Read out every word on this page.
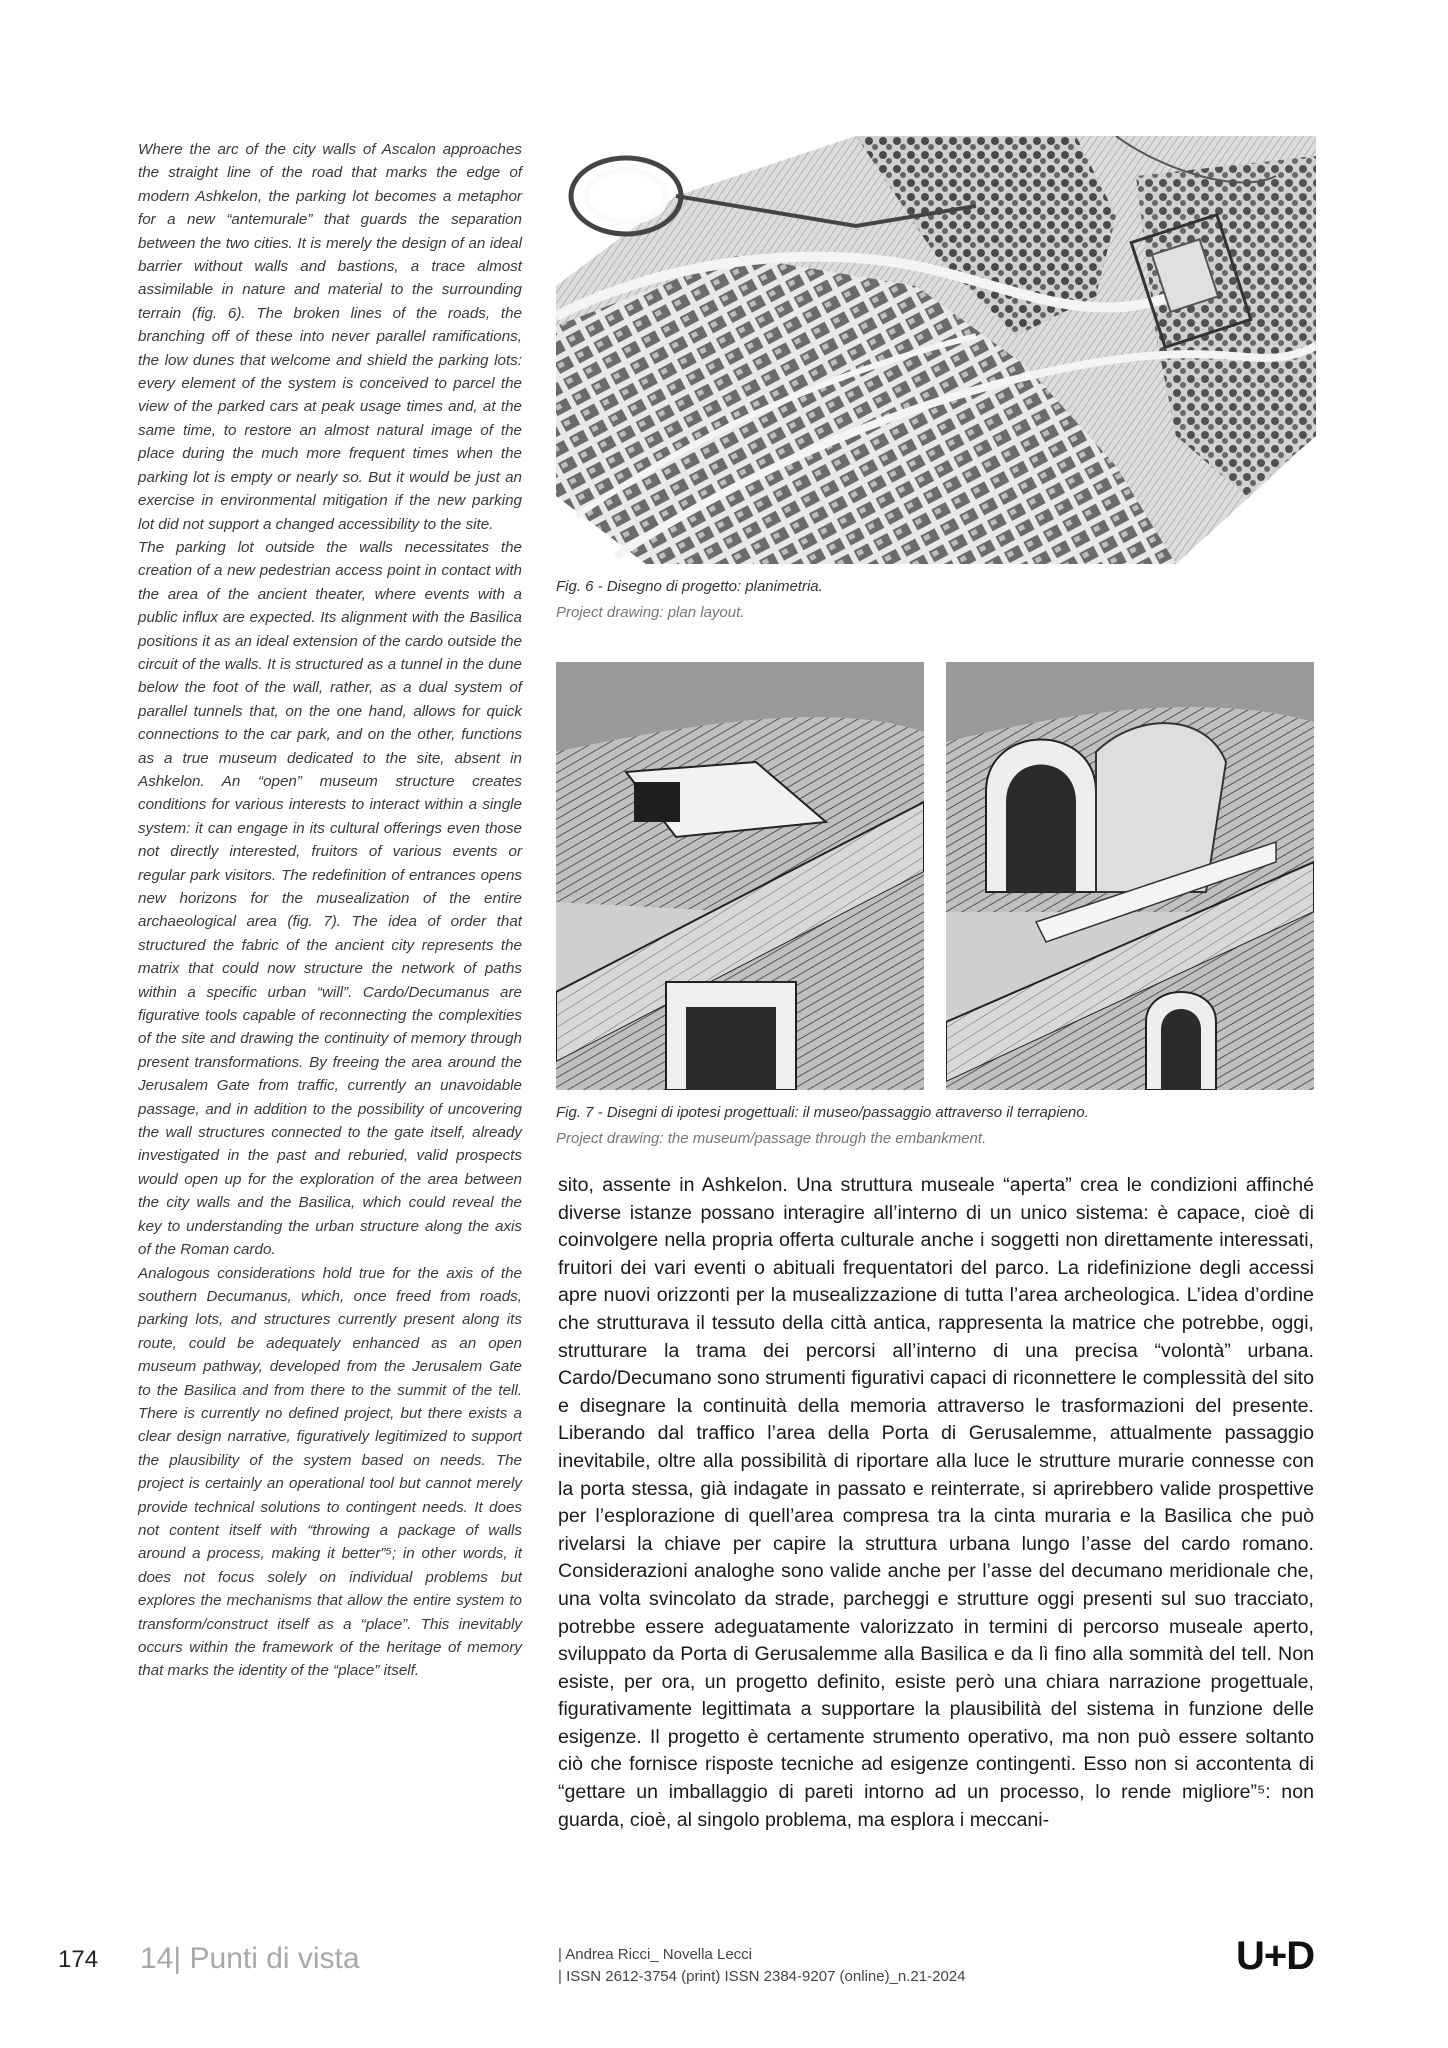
Where the arc of the city walls of Ascalon approaches the straight line of the road that marks the edge of modern Ashkelon, the parking lot becomes a metaphor for a new “antemurale” that guards the separation between the two cities. It is merely the design of an ideal barrier without walls and bastions, a trace almost assimilable in nature and material to the surrounding terrain (fig. 6). The broken lines of the roads, the branching off of these into never parallel ramifications, the low dunes that welcome and shield the parking lots: every element of the system is conceived to parcel the view of the parked cars at peak usage times and, at the same time, to restore an almost natural image of the place during the much more frequent times when the parking lot is empty or nearly so. But it would be just an exercise in environmental mitigation if the new parking lot did not support a changed accessibility to the site.

The parking lot outside the walls necessitates the creation of a new pedestrian access point in contact with the area of the ancient theater, where events with a public influx are expected. Its alignment with the Basilica positions it as an ideal extension of the cardo outside the circuit of the walls. It is structured as a tunnel in the dune below the foot of the wall, rather, as a dual system of parallel tunnels that, on the one hand, allows for quick connections to the car park, and on the other, functions as a true museum dedicated to the site, absent in Ashkelon. An “open” museum structure creates conditions for various interests to interact within a single system: it can engage in its cultural offerings even those not directly interested, fruitors of various events or regular park visitors. The redefinition of entrances opens new horizons for the musealization of the entire archaeological area (fig. 7). The idea of order that structured the fabric of the ancient city represents the matrix that could now structure the network of paths within a specific urban “will”. Cardo/Decumanus are figurative tools capable of reconnecting the complexities of the site and drawing the continuity of memory through present transformations. By freeing the area around the Jerusalem Gate from traffic, currently an unavoidable passage, and in addition to the possibility of uncovering the wall structures connected to the gate itself, already investigated in the past and reburied, valid prospects would open up for the exploration of the area between the city walls and the Basilica, which could reveal the key to understanding the urban structure along the axis of the Roman cardo.

Analogous considerations hold true for the axis of the southern Decumanus, which, once freed from roads, parking lots, and structures currently present along its route, could be adequately enhanced as an open museum pathway, developed from the Jerusalem Gate to the Basilica and from there to the summit of the tell. There is currently no defined project, but there exists a clear design narrative, figuratively legitimized to support the plausibility of the system based on needs. The project is certainly an operational tool but cannot merely provide technical solutions to contingent needs. It does not content itself with “throwing a package of walls around a process, making it better”⁵; in other words, it does not focus solely on individual problems but explores the mechanisms that allow the entire system to transform/construct itself as a “place”. This inevitably occurs within the framework of the heritage of memory that marks the identity of the “place” itself.

Fig. 6 - Disegno di progetto: planimetria.
Project drawing: plan layout.
Fig. 7 - Disegni di ipotesi progettuali: il museo/passaggio attraverso il terrapieno.
Project drawing: the museum/passage through the embankment.

sito, assente in Ashkelon. Una struttura museale “aperta” crea le condizioni affinché diverse istanze possano interagire all’interno di un unico sistema: è capace, cioè di coinvolgere nella propria offerta culturale anche i soggetti non direttamente interessati, fruitori dei vari eventi o abituali frequentatori del parco. La ridefinizione degli accessi apre nuovi orizzonti per la musealizzazione di tutta l’area archeologica. L’idea d’ordine che strutturava il tessuto della città antica, rappresenta la matrice che potrebbe, oggi, strutturare la trama dei percorsi all’interno di una precisa “volontà” urbana. Cardo/Decumano sono strumenti figurativi capaci di riconnettere le complessità del sito e disegnare la continuità della memoria attraverso le trasformazioni del presente. Liberando dal traffico l’area della Porta di Gerusalemme, attualmente passaggio inevitabile, oltre alla possibilità di riportare alla luce le strutture murarie connesse con la porta stessa, già indagate in passato e reinterrate, si aprirebbero valide prospettive per l’esplorazione di quell’area compresa tra la cinta muraria e la Basilica che può rivelarsi la chiave per capire la struttura urbana lungo l’asse del cardo romano. Considerazioni analoghe sono valide anche per l’asse del decumano meridionale che, una volta svincolato da strade, parcheggi e strutture oggi presenti sul suo tracciato, potrebbe essere adeguatamente valorizzato in termini di percorso museale aperto, sviluppato da Porta di Gerusalemme alla Basilica e da lì fino alla sommità del tell. Non esiste, per ora, un progetto definito, esiste però una chiara narrazione progettuale, figurativamente legittimata a supportare la plausibilità del sistema in funzione delle esigenze. Il progetto è certamente strumento operativo, ma non può essere soltanto ciò che fornisce risposte tecniche ad esigenze contingenti. Esso non si accontenta di “gettare un imballaggio di pareti intorno ad un processo, lo rende migliore”⁵: non guarda, cioè, al singolo problema, ma esplora i meccani-

174 14| Punti di vista	| Andrea Ricci_ Novella Lecci
| ISSN 2612-3754 (print) ISSN 2384-9207 (online)_n.21-2024	U+D
